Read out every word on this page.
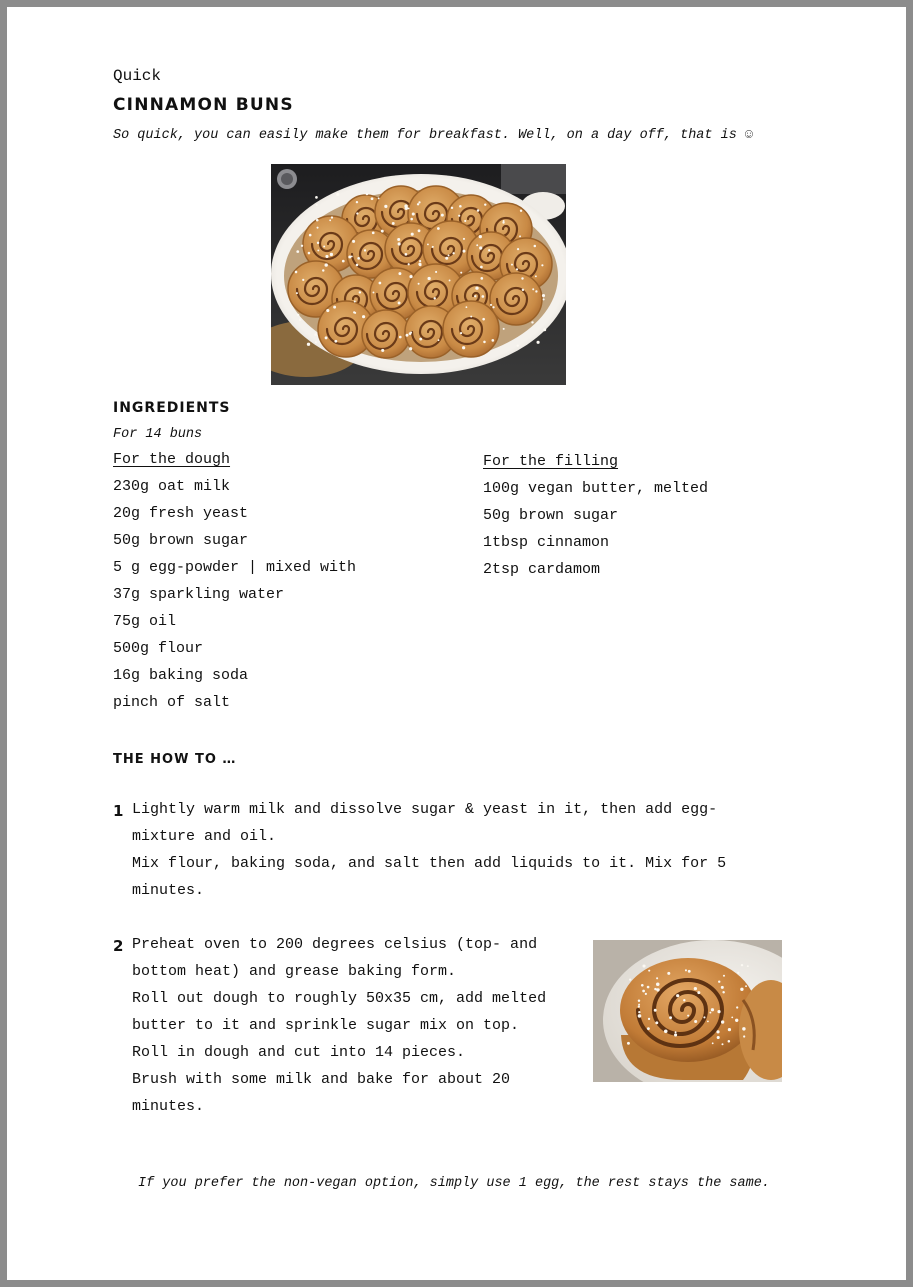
Quick
CINNAMON BUNS
So quick, you can easily make them for breakfast. Well, on a day off, that is ☺
INGREDIENTS
For 14 buns
For the dough
230g oat milk
20g fresh yeast
50g brown sugar
5 g egg-powder | mixed with
37g sparkling water
75g oil
500g flour
16g baking soda
pinch of salt
For the filling
100g vegan butter, melted
50g brown sugar
1tbsp cinnamon
2tsp cardamom
THE HOW TO …
1 Lightly warm milk and dissolve sugar & yeast in it, then add egg-
mixture and oil.
Mix flour, baking soda, and salt then add liquids to it. Mix for 5
minutes.
2 Preheat oven to 200 degrees celsius (top- and
bottom heat) and grease baking form.
Roll out dough to roughly 50x35 cm, add melted
butter to it and sprinkle sugar mix on top.
Roll in dough and cut into 14 pieces.
Brush with some milk and bake for about 20
minutes.
If you prefer the non-vegan option, simply use 1 egg, the rest stays the same.
